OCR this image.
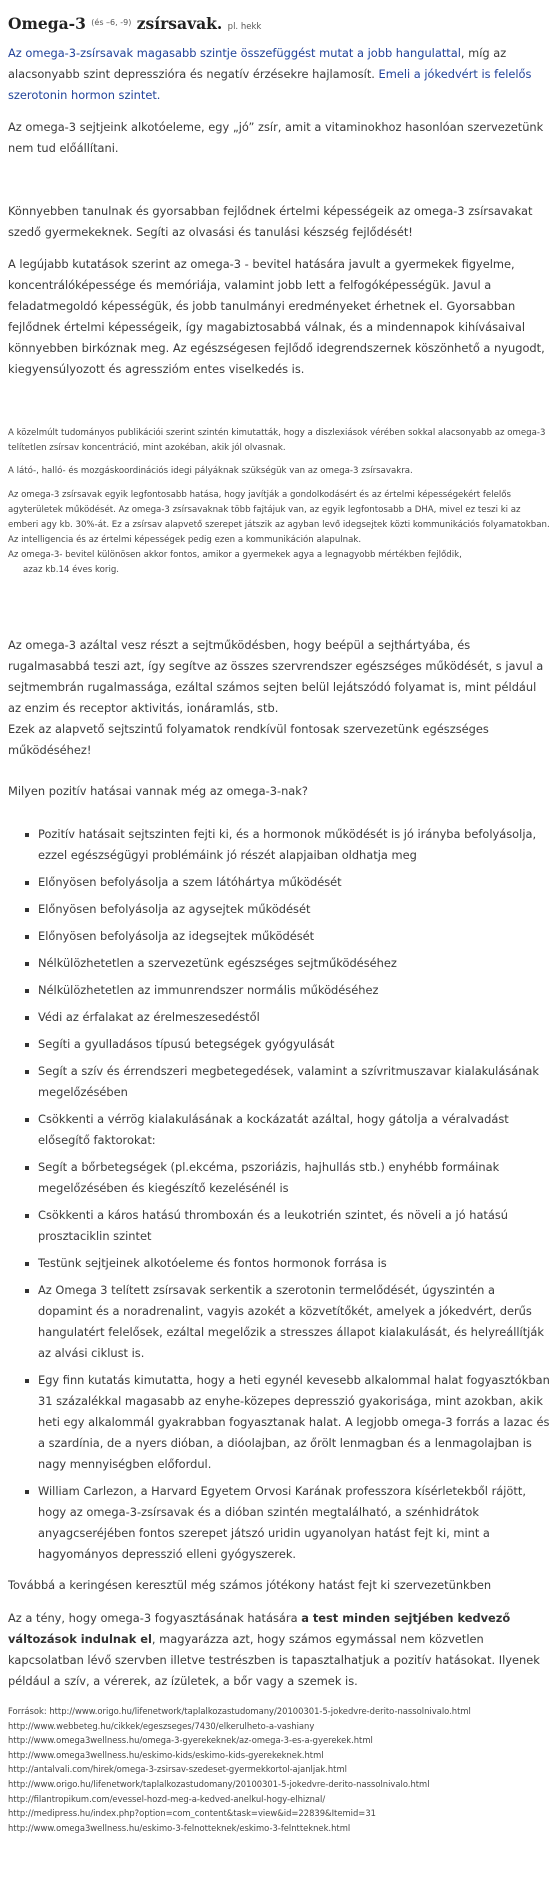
Omega-3 $^{(és -6, -9)}$ zsírsavak. pl. hekk

Az omega-3-zsírsavak magasabb szintje összefüggést mutat a jobb hangulattal, míg az alacsonyabb szint depresszióra és negatív érzésekre hajlamosít. Emeli a jókedvért is felelős szerotonin hormon szintet.

Az omega-3 sejtjeink alkotóeleme, egy „jó” zsír, amit a vitaminokhoz hasonlóan szervezetünk nem tud előállítani.

Könnyebben tanulnak és gyorsabban fejlődnek értelmi képességeik az omega-3 zsírsavakat szedő gyermekeknek. Segíti az olvasási és tanulási készség fejlődését!

A legújabb kutatások szerint az omega-3 - bevitel hatására javult a gyermekek figyelme, koncentrálóképessége és memóriája, valamint jobb lett a felfogóképességük. Javul a feladatmegoldó képességük, és jobb tanulmányi eredményeket érhetnek el. Gyorsabban fejlődnek értelmi képességeik, így magabiztosabbá válnak, és a mindennapok kihívásaival könnyebben birkóznak meg. Az egészségesen fejlődő idegrendszernek köszönhető a nyugodt, kiegyensúlyozott és agresszióm entes viselkedés is.

A közelmúlt tudományos publikációi szerint szintén kimutatták, hogy a diszlexiások vérében sokkal alacsonyabb az omega-3 telítetlen zsírsav koncentráció, mint azokéban, akik jól olvasnak.

A látó-, halló- és mozgáskoordinációs idegi pályáknak szükségük van az omega-3 zsírsavakra.

Az omega-3 zsírsavak egyik legfontosabb hatása, hogy javítják a gondolkodásért és az értelmi képességekért felelős agyterületek működését. Az omega-3 zsírsavaknak több fajtájuk van, az egyik legfontosabb a DHA, mivel ez teszi ki az emberi agy kb. 30%-át. Ez a zsírsav alapvető szerepet játszik az agyban levő idegsejtek közti kommunikációs folyamatokban. Az intelligencia és az értelmi képességek pedig ezen a kommunikáción alapulnak.

Az omega-3- bevitel különösen akkor fontos, amikor a gyermekek agya a legnagyobb mértékben fejlődik,

azaz kb.14 éves korig.

Az omega-3 azáltal vesz részt a sejtműködésben, hogy beépül a sejthártyába, és rugalmasabbá teszi azt, így segítve az összes szervrendszer egészséges működését, s javul a sejtmembrán rugalmassága, ezáltal számos sejten belül lejátszódó folyamat is, mint például az enzim és receptor aktivitás, ionáramlás, stb.

Ezek az alapvető sejtszintű folyamatok rendkívül fontosak szervezetünk egészséges működéséhez!

Milyen pozitív hatásai vannak még az omega-3-nak?

Pozitív hatásait sejtszinten fejti ki, és a hormonok működését is jó irányba befolyásolja, ezzel egészségügyi problémáink jó részét alapjaiban oldhatja meg
Előnyösen befolyásolja a szem látóhártya működését
Előnyösen befolyásolja az agysejtek működését
Előnyösen befolyásolja az idegsejtek működését
Nélkülözhetetlen a szervezetünk egészséges sejtműködéséhez
Nélkülözhetetlen az immunrendszer normális működéséhez
Védi az érfalakat az érelmeszesedéstől
Segíti a gyulladásos típusú betegségek gyógyulását
Segít a szív és érrendszeri megbetegedések, valamint a szívritmuszavar kialakulásának megelőzésében
Csökkenti a vérrög kialakulásának a kockázatát azáltal, hogy gátolja a véralvadást elősegítő faktorokat:
Segít a bőrbetegségek (pl.ekcéma, pszoriázis, hajhullás stb.) enyhébb formáinak megelőzésében és kiegészítő kezelésénél is
Csökkenti a káros hatású thromboxán és a leukotrién szintet, és növeli a jó hatású prosztaciklin szintet
Testünk sejtjeinek alkotóeleme és fontos hormonok forrása is
Az Omega 3 telített zsírsavak serkentik a szerotonin termelődését, úgyszintén a dopamint és a noradrenalint, vagyis azokét a közvetítőkét, amelyek a jókedvért, derűs hangulatért felelősek, ezáltal megelőzik a stresszes állapot kialakulását, és helyreállítják az alvási ciklust is.
Egy finn kutatás kimutatta, hogy a heti egynél kevesebb alkalommal halat fogyasztókban 31 százalékkal magasabb az enyhe-közepes depresszió gyakorisága, mint azokban, akik heti egy alkalommál gyakrabban fogyasztanak halat. A legjobb omega-3 forrás a lazac és a szardínia, de a nyers dióban, a dióolajban, az őrölt lenmagban és a lenmagolajban is nagy mennyiségben előfordul.
William Carlezon, a Harvard Egyetem Orvosi Karának professzora kísérletekből rájött, hogy az omega-3-zsírsavak és a dióban szintén megtalálható, a szénhidrátok anyagcseréjében fontos szerepet játszó uridin ugyanolyan hatást fejt ki, mint a hagyományos depresszió elleni gyógyszerek.

Továbbá a keringésen keresztül még számos jótékony hatást fejt ki szervezetünkben

Az a tény, hogy omega-3 fogyasztásának hatására a test minden sejtjében kedvező változások indulnak el, magyarázza azt, hogy számos egymással nem közvetlen kapcsolatban lévő szervben illetve testrészben is tapasztalhatjuk a pozitív hatásokat. Ilyenek például a szív, a vérerek, az ízületek, a bőr vagy a szemek is.

Források: http://www.origo.hu/lifenetwork/taplalkozastudomany/20100301-5-jokedvre-derito-nassolnivalo.html
http://www.webbeteg.hu/cikkek/egeszseges/7430/elkerulheto-a-vashiany
http://www.omega3wellness.hu/omega-3-gyerekeknek/az-omega-3-es-a-gyerekek.html
http://www.omega3wellness.hu/eskimo-kids/eskimo-kids-gyerekeknek.html
http://antalvali.com/hirek/omega-3-zsirsav-szedeset-gyermekkortol-ajanljak.html
http://www.origo.hu/lifenetwork/taplalkozastudomany/20100301-5-jokedvre-derito-nassolnivalo.html
http://filantropikum.com/evessel-hozd-meg-a-kedved-anelkul-hogy-elhiznal/
http://medipress.hu/index.php?option=com_content&task=view&id=22839&Itemid=31
http://www.omega3wellness.hu/eskimo-3-felnotteknek/eskimo-3-felntteknek.html
